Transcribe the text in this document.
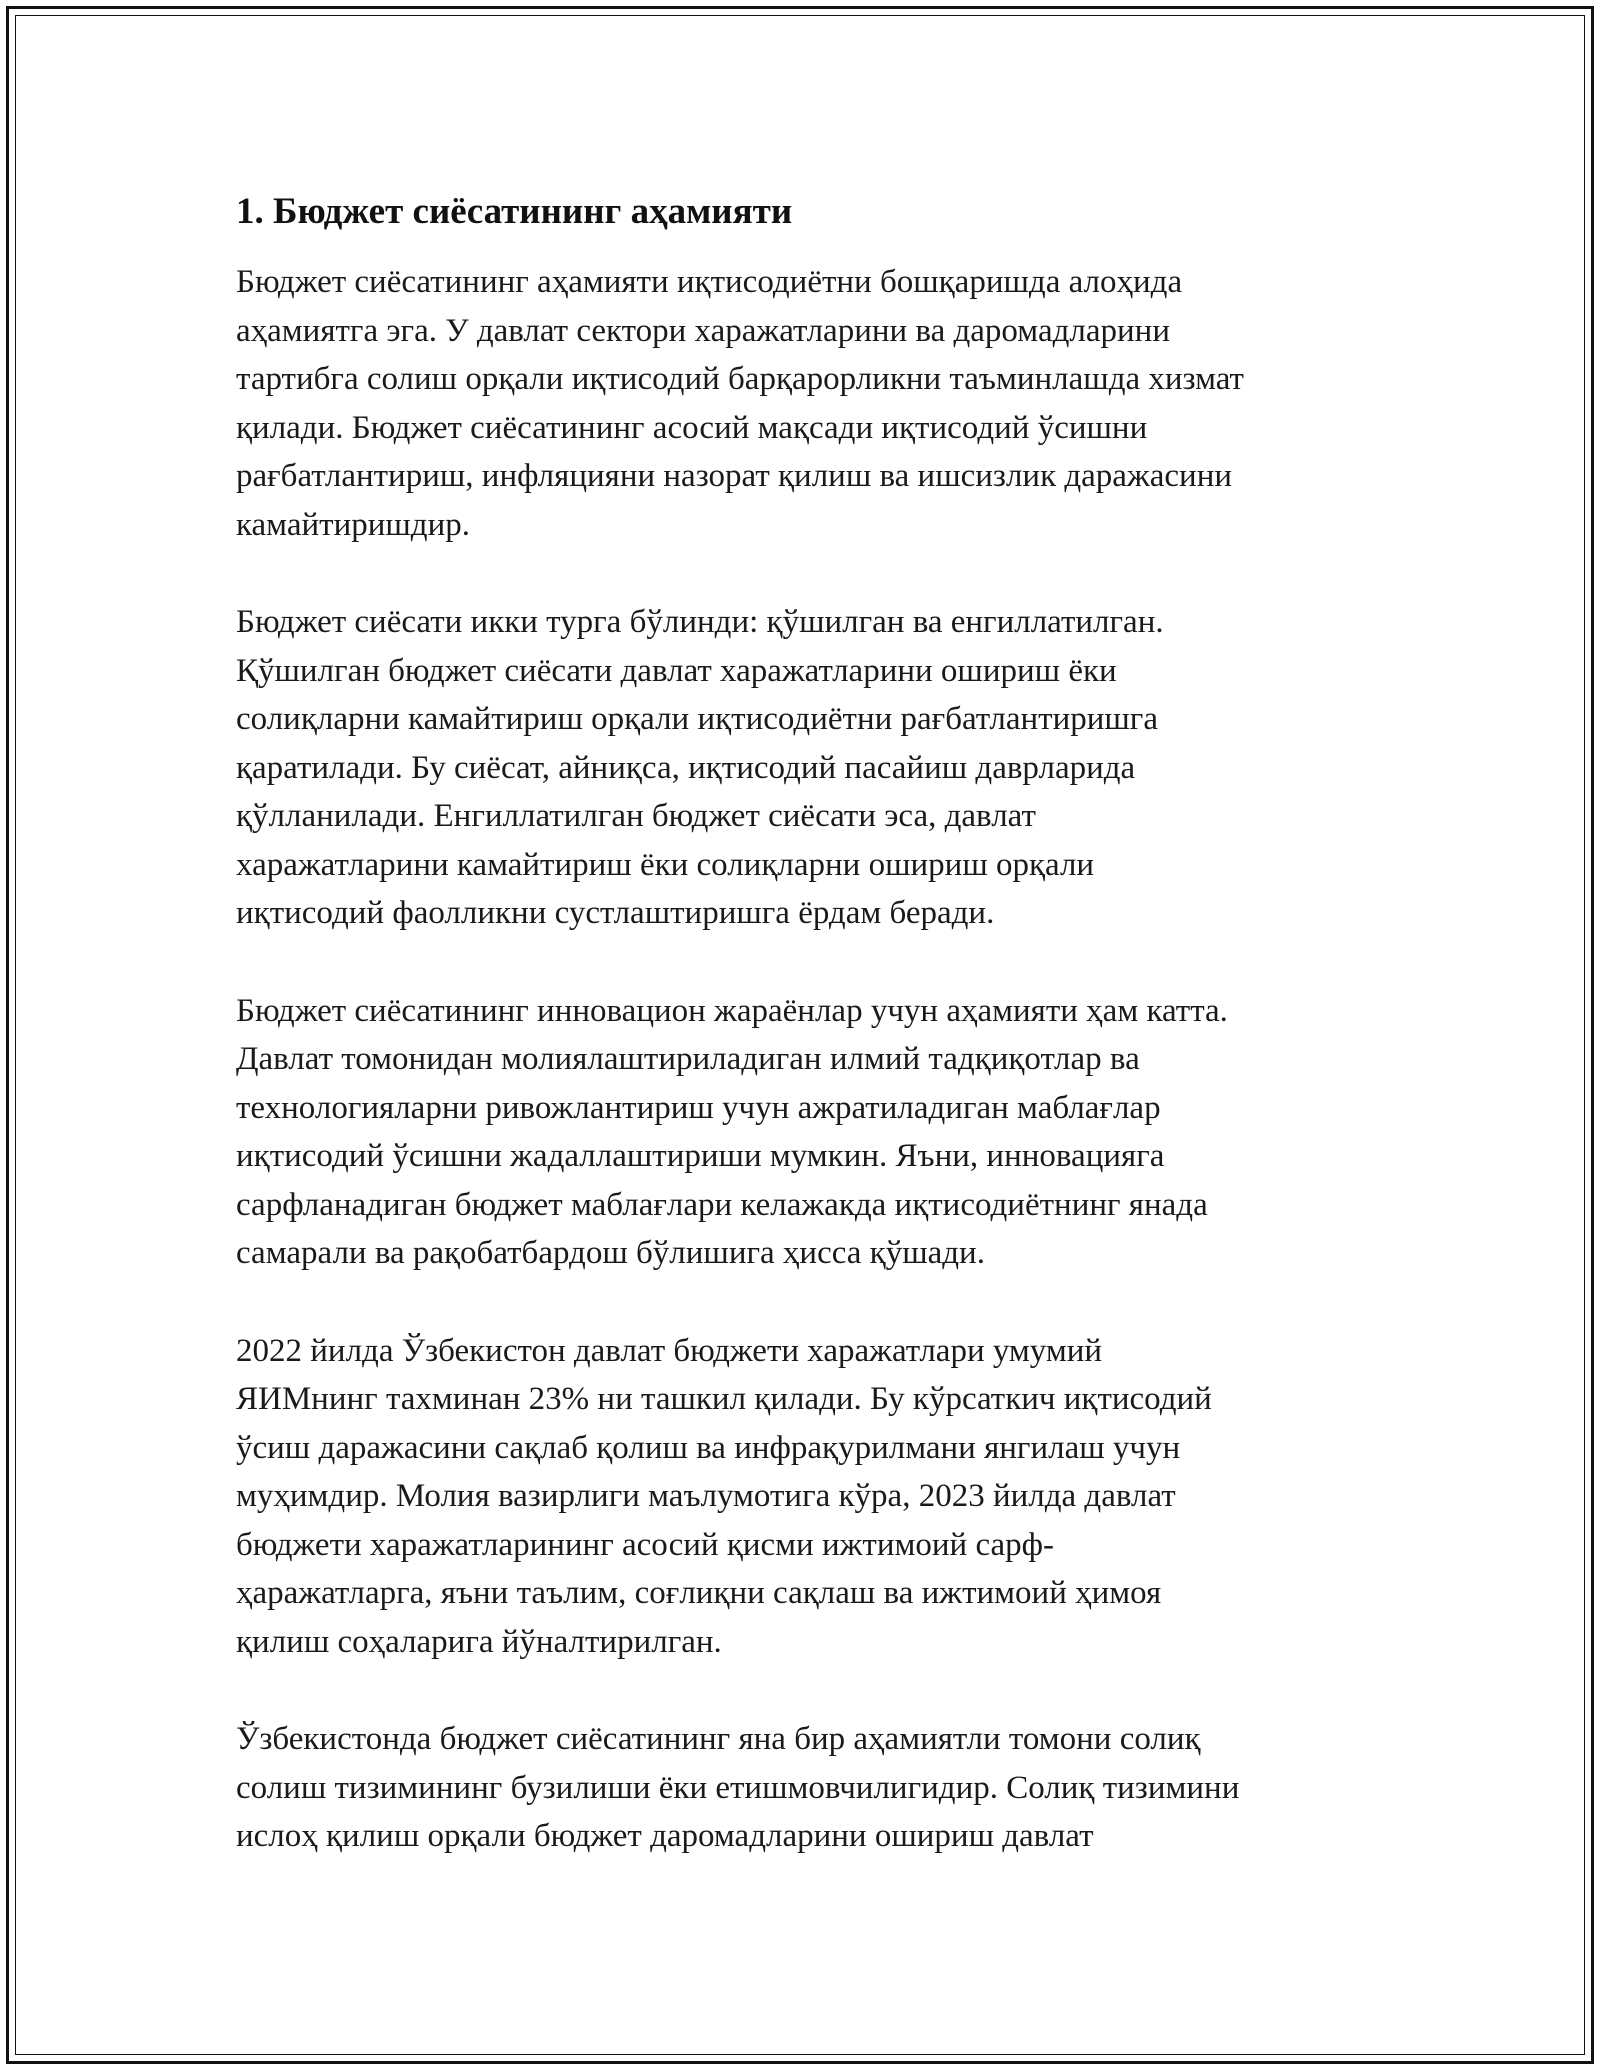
1. Бюджет сиёсатининг аҳамияти

Бюджет сиёсатининг аҳамияти иқтисодиётни бошқаришда алоҳида
аҳамиятга эга. У давлат сектори харажатларини ва даромадларини
тартибга солиш орқали иқтисодий барқарорликни таъминлашда хизмат
қилади. Бюджет сиёсатининг асосий мақсади иқтисодий ўсишни
рағбатлантириш, инфляцияни назорат қилиш ва ишсизлик даражасини
камайтиришдир.

Бюджет сиёсати икки турга бўлинди: қўшилган ва енгиллатилган.
Қўшилган бюджет сиёсати давлат харажатларини ошириш ёки
солиқларни камайтириш орқали иқтисодиётни рағбатлантиришга
қаратилади. Бу сиёсат, айниқса, иқтисодий пасайиш даврларида
қўлланилади. Енгиллатилган бюджет сиёсати эса, давлат
харажатларини камайтириш ёки солиқларни ошириш орқали
иқтисодий фаолликни сустлаштиришга ёрдам беради.

Бюджет сиёсатининг инновацион жараёнлар учун аҳамияти ҳам катта.
Давлат томонидан молиялаштириладиган илмий тадқиқотлар ва
технологияларни ривожлантириш учун ажратиладиган маблағлар
иқтисодий ўсишни жадаллаштириши мумкин. Яъни, инновацияга
сарфланадиган бюджет маблағлари келажакда иқтисодиётнинг янада
самарали ва рақобатбардош бўлишига ҳисса қўшади.

2022 йилда Ўзбекистон давлат бюджети харажатлари умумий
ЯИМнинг тахминан 23% ни ташкил қилади. Бу кўрсаткич иқтисодий
ўсиш даражасини сақлаб қолиш ва инфрақурилмани янгилаш учун
муҳимдир. Молия вазирлиги маълумотига кўра, 2023 йилда давлат
бюджети харажатларининг асосий қисми ижтимоий сарф-
ҳаражатларга, яъни таълим, соғлиқни сақлаш ва ижтимоий ҳимоя
қилиш соҳаларига йўналтирилган.

Ўзбекистонда бюджет сиёсатининг яна бир аҳамиятли томони солиқ
солиш тизимининг бузилиши ёки етишмовчилигидир. Солиқ тизимини
ислоҳ қилиш орқали бюджет даромадларини ошириш давлат
